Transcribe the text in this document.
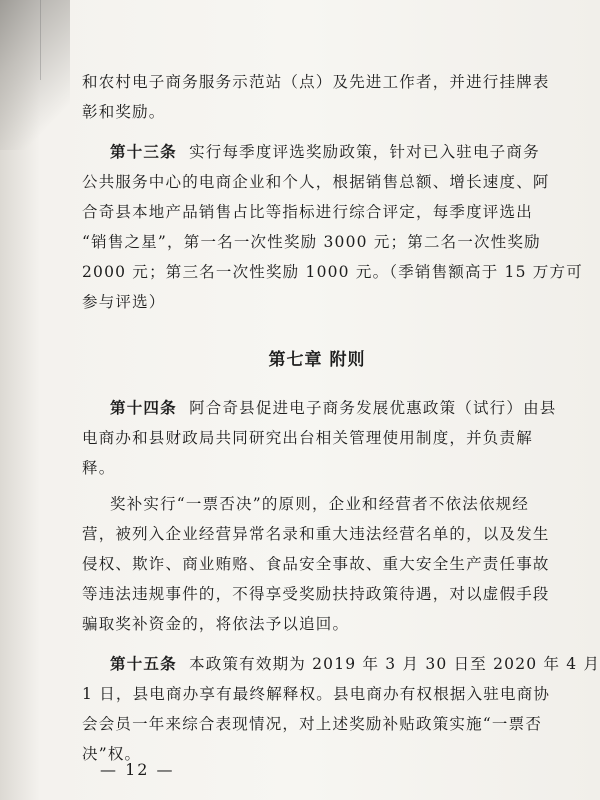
和农村电子商务服务示范站（点）及先进工作者，并进行挂牌表
彰和奖励。
第十三条 实行每季度评选奖励政策，针对已入驻电子商务
公共服务中心的电商企业和个人，根据销售总额、增长速度、阿
合奇县本地产品销售占比等指标进行综合评定，每季度评选出
“销售之星”，第一名一次性奖励 3000 元；第二名一次性奖励
2000 元；第三名一次性奖励 1000 元。（季销售额高于 15 万方可
参与评选）
第七章 附则
第十四条 阿合奇县促进电子商务发展优惠政策（试行）由县
电商办和县财政局共同研究出台相关管理使用制度，并负责解
释。
奖补实行“一票否决”的原则，企业和经营者不依法依规经
营，被列入企业经营异常名录和重大违法经营名单的，以及发生
侵权、欺诈、商业贿赂、食品安全事故、重大安全生产责任事故
等违法违规事件的，不得享受奖励扶持政策待遇，对以虚假手段
骗取奖补资金的，将依法予以追回。
第十五条 本政策有效期为 2019 年 3 月 30 日至 2020 年 4 月
1 日，县电商办享有最终解释权。县电商办有权根据入驻电商协
会会员一年来综合表现情况，对上述奖励补贴政策实施“一票否
决”权。
— 12 —
